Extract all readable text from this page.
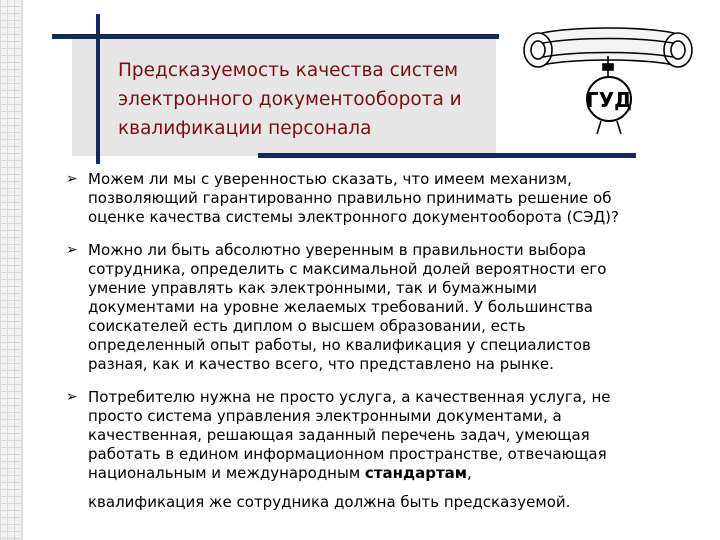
Предсказуемость качества систем
электронного документооборота и
квалификации персонала
ГУД
➢ Можем ли мы с уверенностью сказать, что имеем механизм,
позволяющий гарантированно правильно принимать решение об
оценке качества системы электронного документооборота (СЭД)?
➢ Можно ли быть абсолютно уверенным в правильности выбора
сотрудника, определить с максимальной долей вероятности его
умение управлять как электронными, так и бумажными
документами на уровне желаемых требований. У большинства
соискателей есть диплом о высшем образовании, есть
определенный опыт работы, но квалификация у специалистов
разная, как и качество всего, что представлено на рынке.
➢ Потребителю нужна не просто услуга, а качественная услуга, не
просто система управления электронными документами, а
качественная, решающая заданный перечень задач, умеющая
работать в едином информационном пространстве, отвечающая
национальным и международным стандартам,
квалификация же сотрудника должна быть предсказуемой.
